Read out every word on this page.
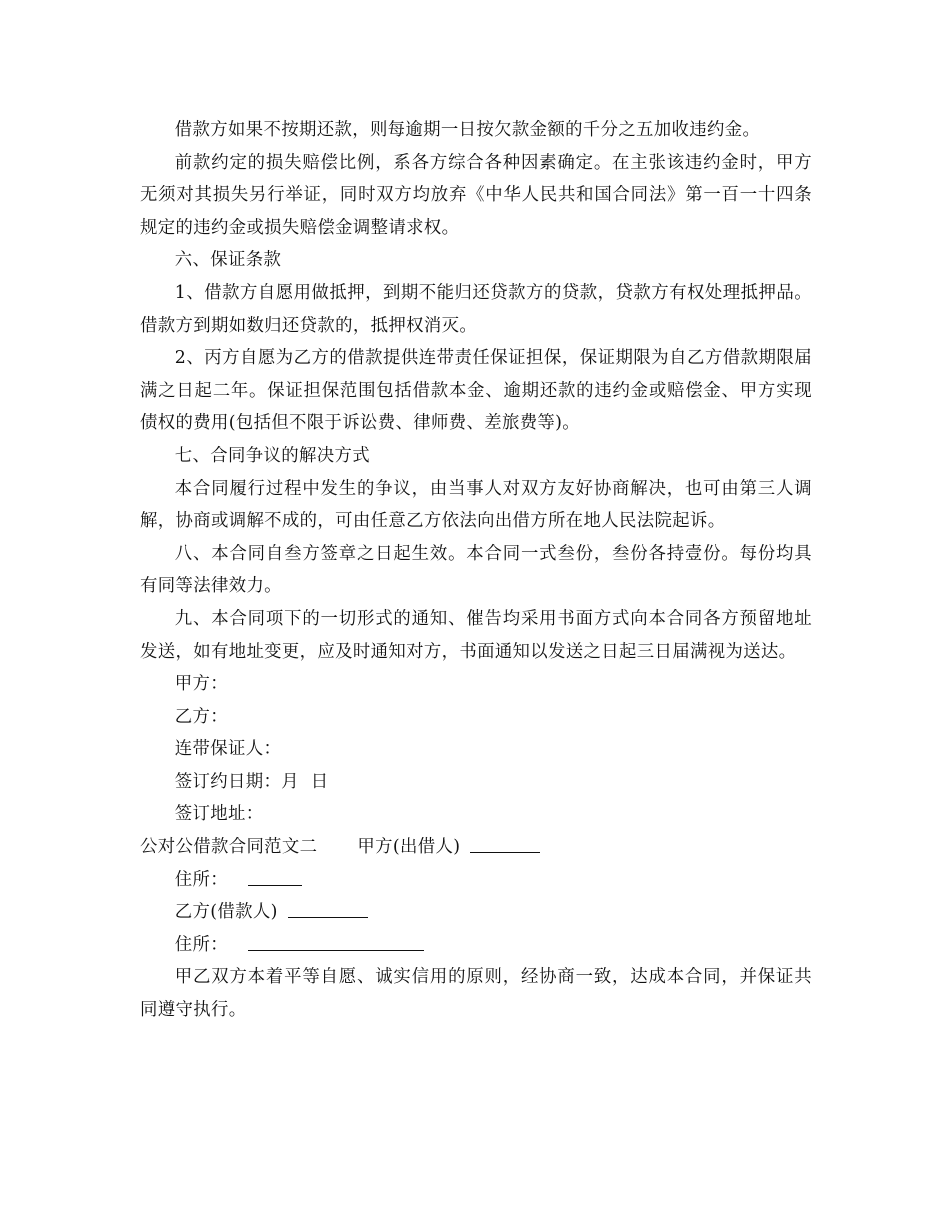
借款方如果不按期还款，则每逾期一日按欠款金额的千分之五加收违约金。

前款约定的损失赔偿比例，系各方综合各种因素确定。在主张该违约金时，甲方无须对其损失另行举证，同时双方均放弃《中华人民共和国合同法》第一百一十四条规定的违约金或损失赔偿金调整请求权。

六、保证条款

1、借款方自愿用做抵押，到期不能归还贷款方的贷款，贷款方有权处理抵押品。借款方到期如数归还贷款的，抵押权消灭。

2、丙方自愿为乙方的借款提供连带责任保证担保，保证期限为自乙方借款期限届满之日起二年。保证担保范围包括借款本金、逾期还款的违约金或赔偿金、甲方实现债权的费用(包括但不限于诉讼费、律师费、差旅费等)。

七、合同争议的解决方式

本合同履行过程中发生的争议，由当事人对双方友好协商解决，也可由第三人调解，协商或调解不成的，可由任意乙方依法向出借方所在地人民法院起诉。

八、本合同自叁方签章之日起生效。本合同一式叁份，叁份各持壹份。每份均具有同等法律效力。

九、本合同项下的一切形式的通知、催告均采用书面方式向本合同各方预留地址发送，如有地址变更，应及时通知对方，书面通知以发送之日起三日届满视为送达。

甲方：

乙方：

连带保证人：

签订约日期：月  日

签订地址：

公对公借款合同范文二 甲方(出借人)

住所：

乙方(借款人)

住所：

甲乙双方本着平等自愿、诚实信用的原则，经协商一致，达成本合同，并保证共同遵守执行。
